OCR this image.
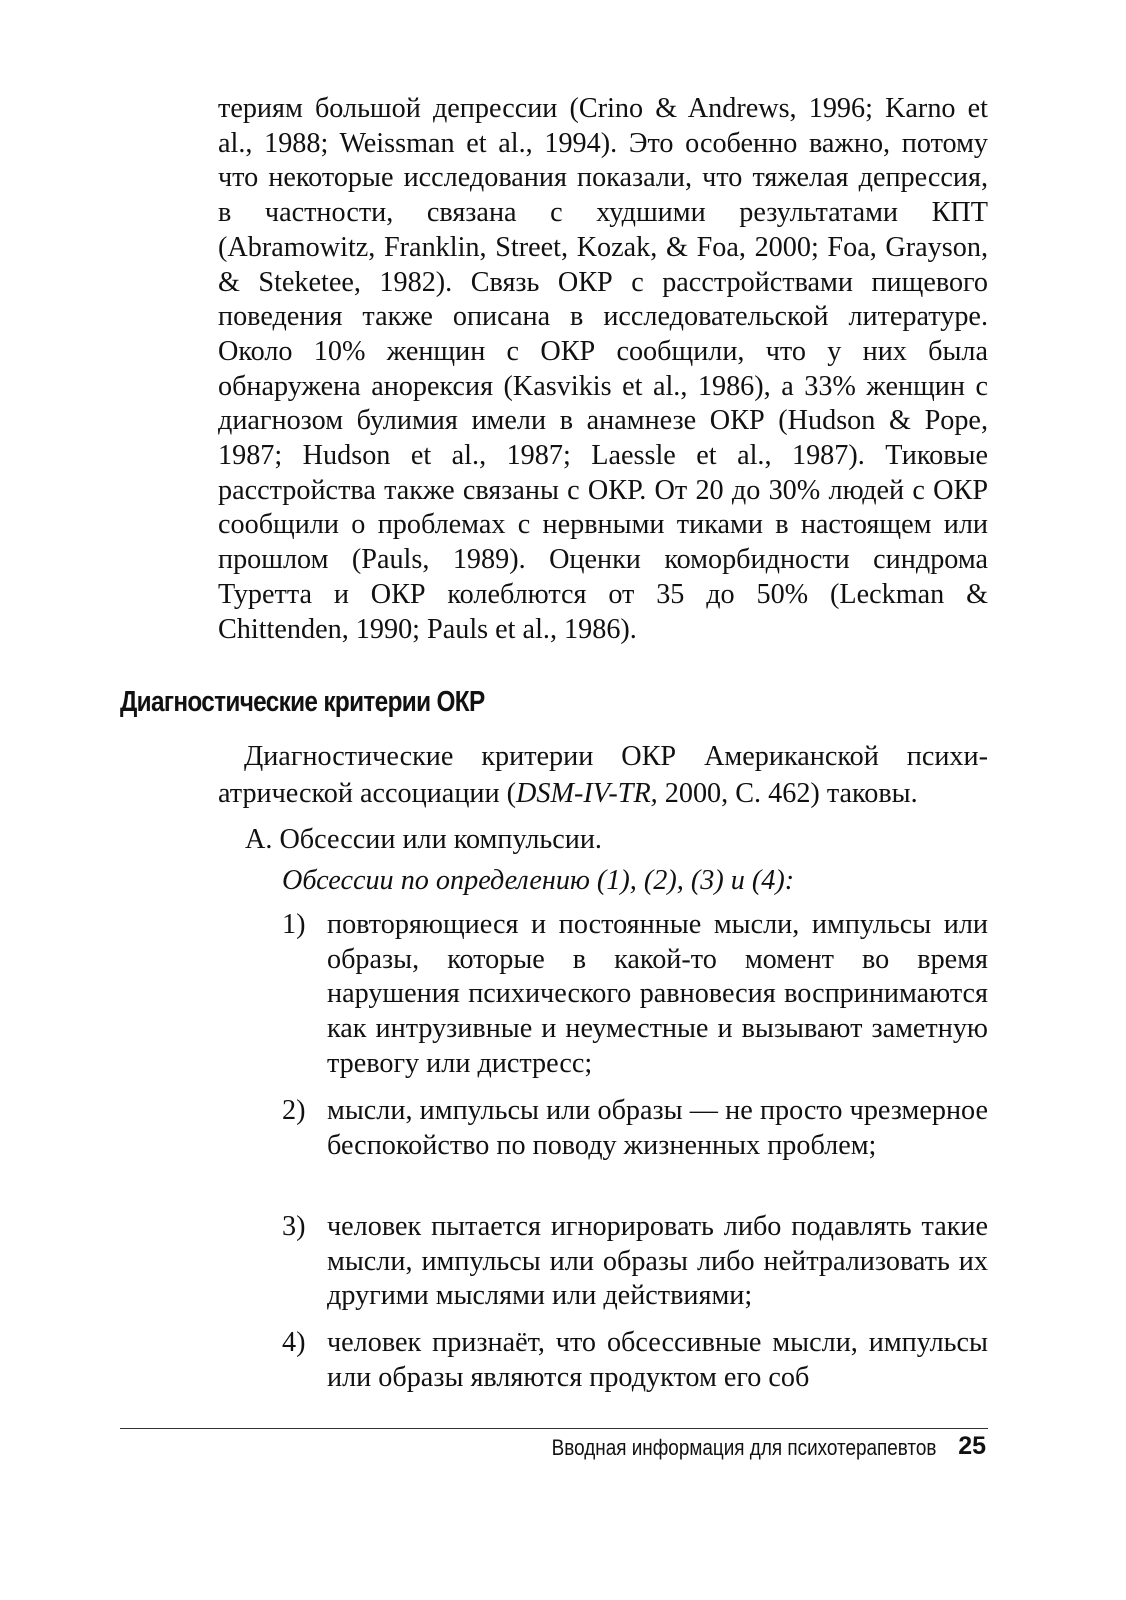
териям большой депрессии (Crino & Andrews, 1996; Karno et al., 1988; Weissman et al., 1994). Это особенно важно, потому что некоторые исследования показали, что тяжелая депрессия, в частности, связана с худшими результатами КПТ (Abramowitz, Franklin, Street, Kozak, & Foa, 2000; Foa, Grayson, & Steketee, 1982). Связь ОКР с расстройствами пищевого поведения также описана в исследовательской литературе. Около 10% женщин с ОКР сообщили, что у них была обнаружена анорексия (Kasvikis et al., 1986), а 33% женщин с диагнозом булимия имели в анамнезе ОКР (Hudson & Pope, 1987; Hudson et al., 1987; Laessle et al., 1987). Тиковые расстройства также связаны с ОКР. От 20 до 30% людей с ОКР сообщили о проблемах с нервными тиками в настоящем или прошлом (Pauls, 1989). Оценки коморбидности синдрома Туретта и ОКР колеблются от 35 до 50% (Leckman & Chittenden, 1990; Pauls et al., 1986).

Диагностические критерии ОКР

Диагностические критерии ОКР Американской психиатрической ассоциации (DSM-IV-TR, 2000, С. 462) таковы.

А. Обсессии или компульсии.
Обсессии по определению (1), (2), (3) и (4):
1) повторяющиеся и постоянные мысли, импульсы или образы, которые в какой-то момент во время нарушения психического равновесия воспринимаются как интрузивные и неуместные и вызывают заметную тревогу или дистресс;

2) мысли, импульсы или образы — не просто чрезмерное беспокойство по поводу жизненных проблем;

3) человек пытается игнорировать либо подавлять такие мысли, импульсы или образы либо нейтрализовать их другими мыслями или действиями;

4) человек признаёт, что обсессивные мысли, импульсы или образы являются продуктом его соб

Вводная информация для психотерапевтов 25
